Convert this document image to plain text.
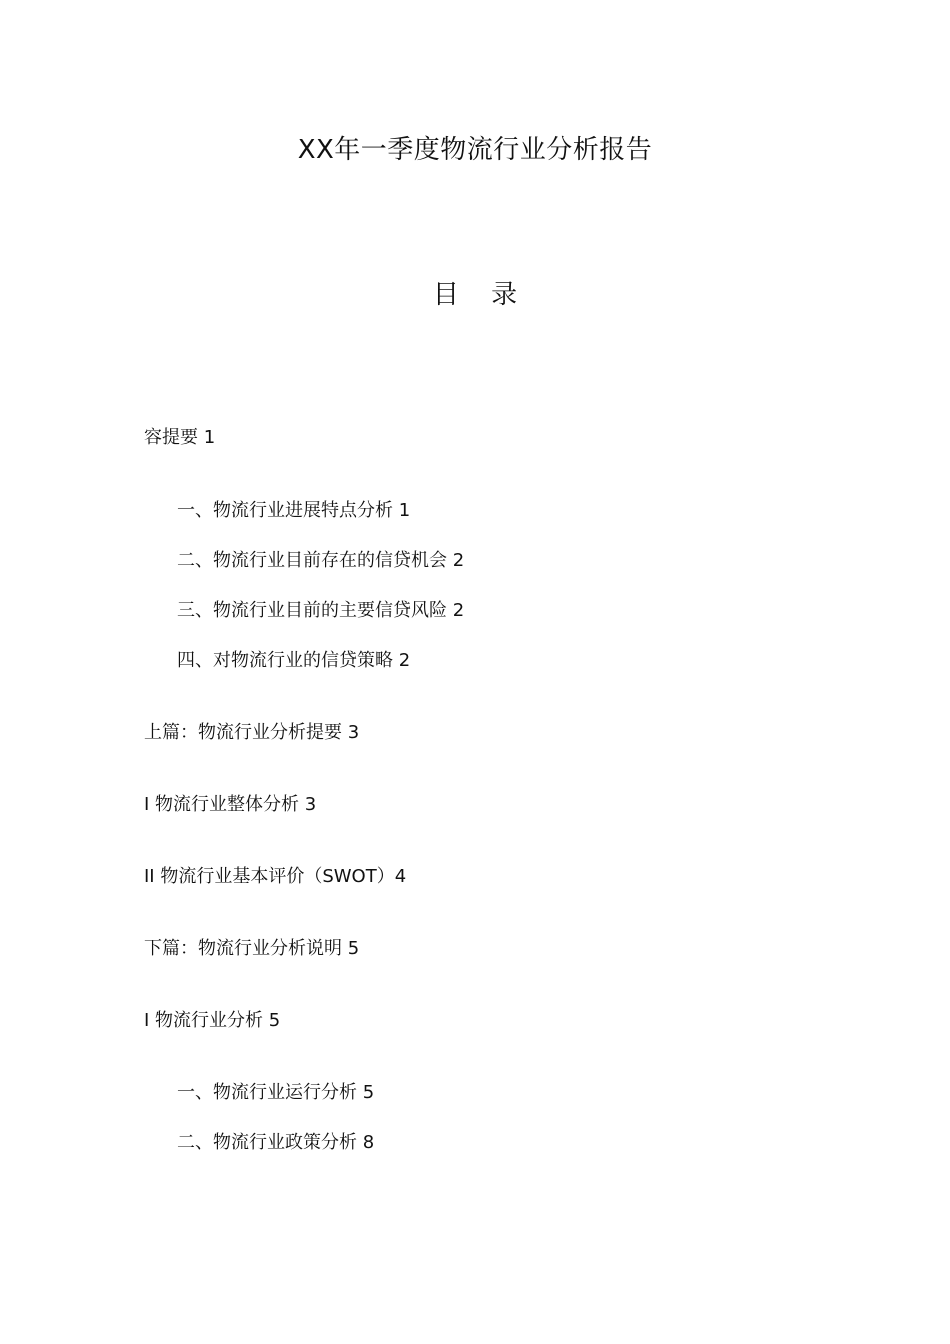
XX年一季度物流行业分析报告
目 录
容提要 1
一、物流行业进展特点分析 1
二、物流行业目前存在的信贷机会 2
三、物流行业目前的主要信贷风险 2
四、对物流行业的信贷策略 2
上篇：物流行业分析提要 3
I 物流行业整体分析 3
II 物流行业基本评价（SWOT）4
下篇：物流行业分析说明 5
I 物流行业分析 5
一、物流行业运行分析 5
二、物流行业政策分析 8
